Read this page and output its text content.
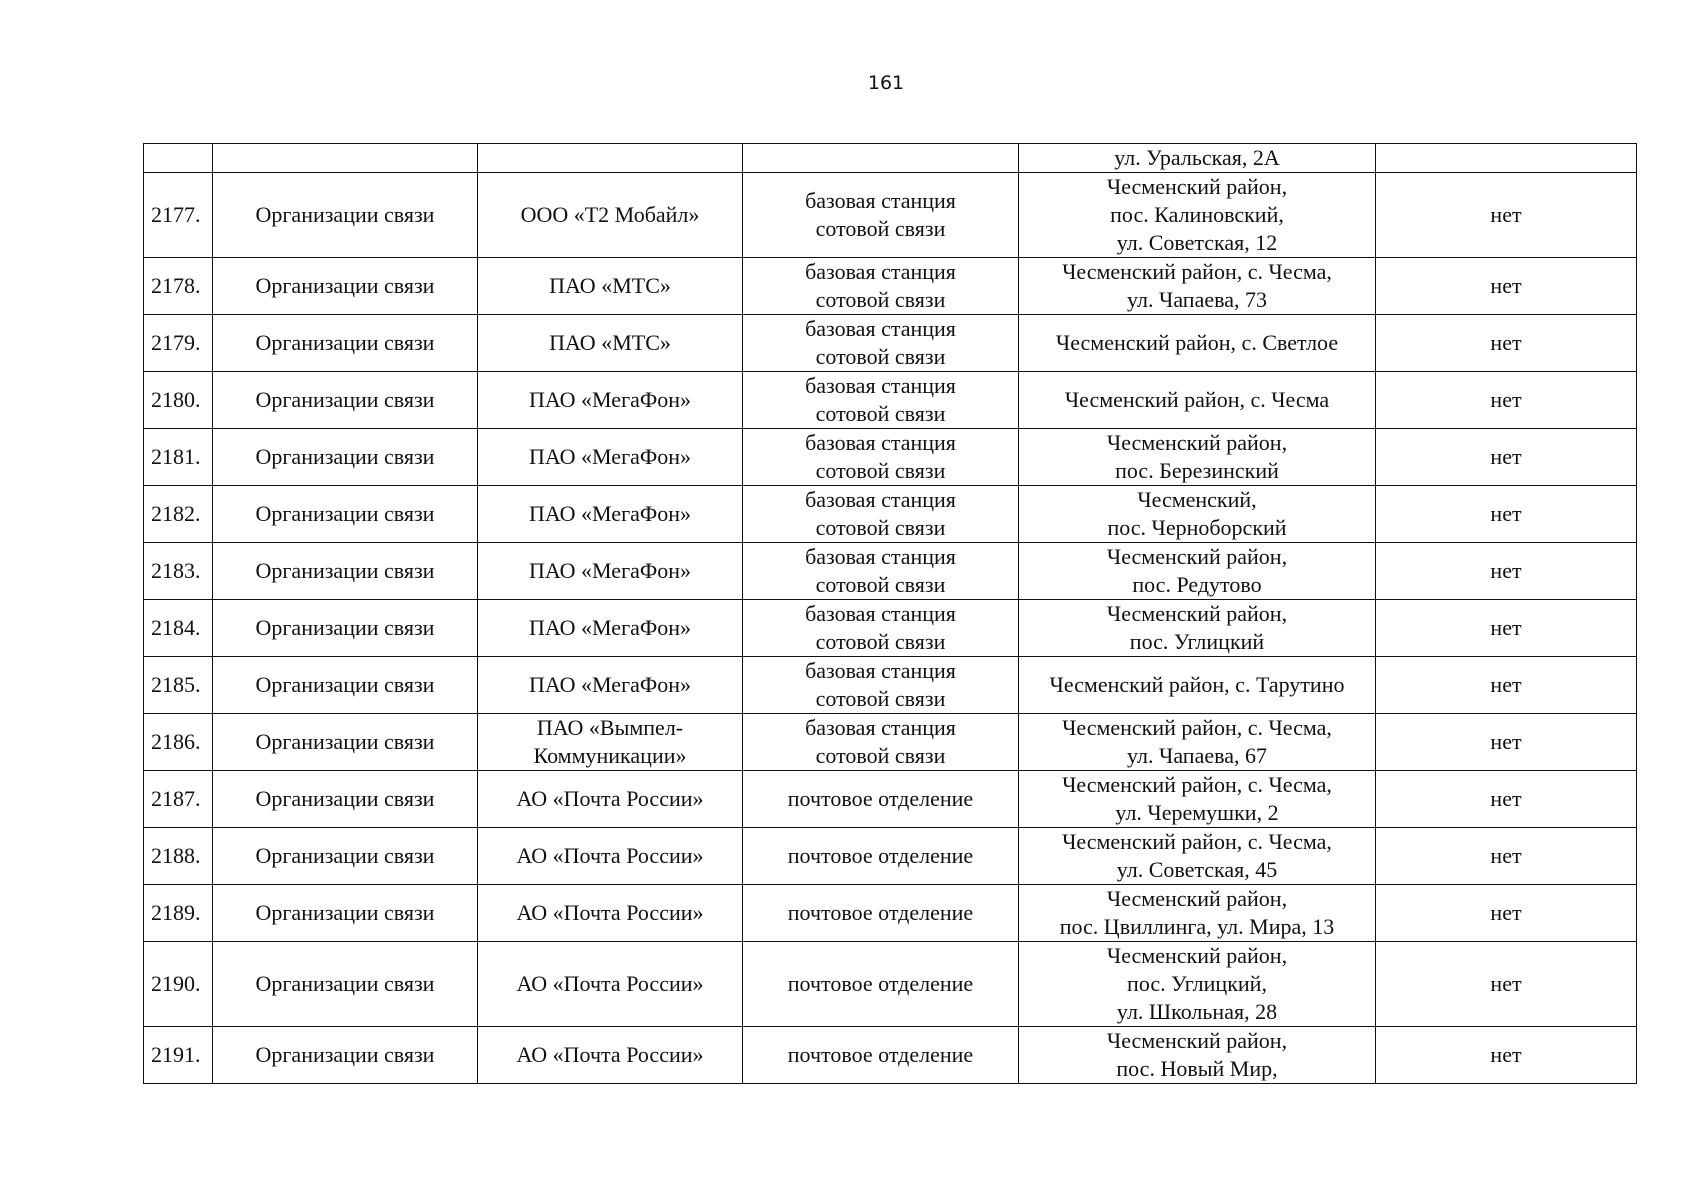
161
				ул. Уральская, 2А	
2177.	Организации связи	ООО «Т2 Мобайл»	базовая станция
сотовой связи	Чесменский район,
пос. Калиновский,
ул. Советская, 12	нет
2178.	Организации связи	ПАО «МТС»	базовая станция
сотовой связи	Чесменский район, с. Чесма,
ул. Чапаева, 73	нет
2179.	Организации связи	ПАО «МТС»	базовая станция
сотовой связи	Чесменский район, с. Светлое	нет
2180.	Организации связи	ПАО «МегаФон»	базовая станция
сотовой связи	Чесменский район, с. Чесма	нет
2181.	Организации связи	ПАО «МегаФон»	базовая станция
сотовой связи	Чесменский район,
пос. Березинский	нет
2182.	Организации связи	ПАО «МегаФон»	базовая станция
сотовой связи	Чесменский,
пос. Черноборский	нет
2183.	Организации связи	ПАО «МегаФон»	базовая станция
сотовой связи	Чесменский район,
пос. Редутово	нет
2184.	Организации связи	ПАО «МегаФон»	базовая станция
сотовой связи	Чесменский район,
пос. Углицкий	нет
2185.	Организации связи	ПАО «МегаФон»	базовая станция
сотовой связи	Чесменский район, с. Тарутино	нет
2186.	Организации связи	ПАО «Вымпел-
Коммуникации»	базовая станция
сотовой связи	Чесменский район, с. Чесма,
ул. Чапаева, 67	нет
2187.	Организации связи	АО «Почта России»	почтовое отделение	Чесменский район, с. Чесма,
ул. Черемушки, 2	нет
2188.	Организации связи	АО «Почта России»	почтовое отделение	Чесменский район, с. Чесма,
ул. Советская, 45	нет
2189.	Организации связи	АО «Почта России»	почтовое отделение	Чесменский район,
пос. Цвиллинга, ул. Мира, 13	нет
2190.	Организации связи	АО «Почта России»	почтовое отделение	Чесменский район,
пос. Углицкий,
ул. Школьная, 28	нет
2191.	Организации связи	АО «Почта России»	почтовое отделение	Чесменский район,
пос. Новый Мир,	нет
